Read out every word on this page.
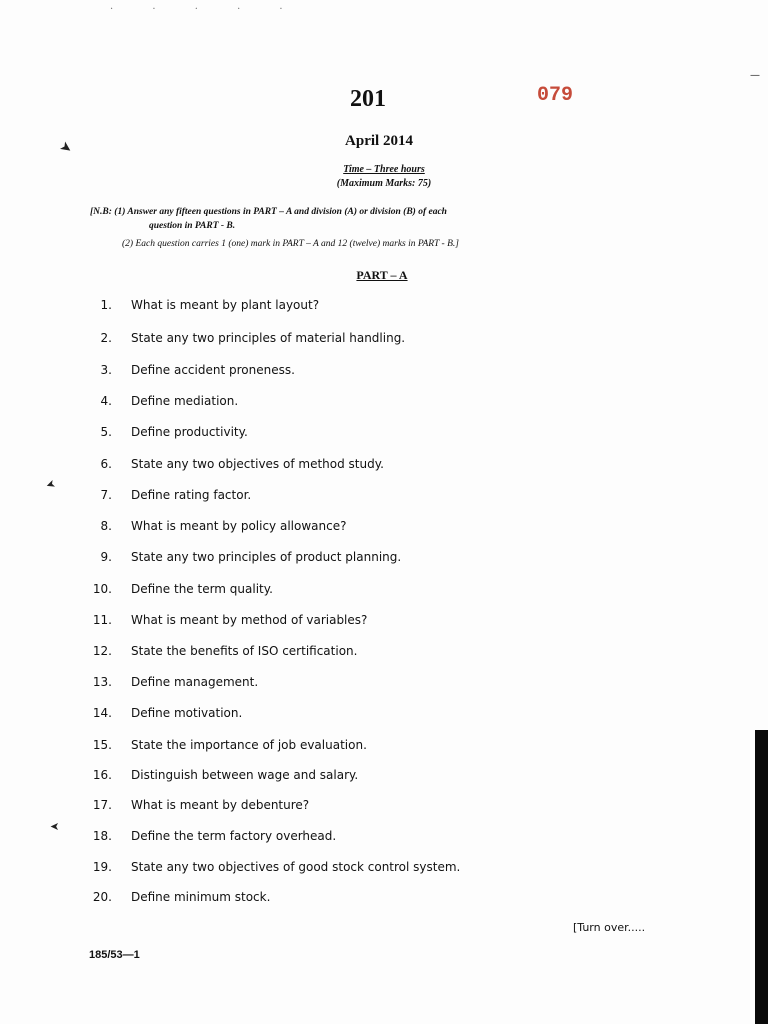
· · · · ·
201	079
April 2014
Time – Three hours
(Maximum Marks: 75)
[N.B: (1) Answer any fifteen questions in PART – A and division (A) or division (B) of each
question in PART - B.
(2) Each question carries 1 (one) mark in PART – A and 12 (twelve) marks in PART - B.]
PART – A
1. What is meant by plant layout?
2. State any two principles of material handling.
3. Define accident proneness.
4. Define mediation.
5. Define productivity.
6. State any two objectives of method study.
7. Define rating factor.
8. What is meant by policy allowance?
9. State any two principles of product planning.
10. Define the term quality.
11. What is meant by method of variables?
12. State the benefits of ISO certification.
13. Define management.
14. Define motivation.
15. State the importance of job evaluation.
16. Distinguish between wage and salary.
17. What is meant by debenture?
18. Define the term factory overhead.
19. State any two objectives of good stock control system.
20. Define minimum stock.
[Turn over.....
185/53—1
➤
➤
➤
—
